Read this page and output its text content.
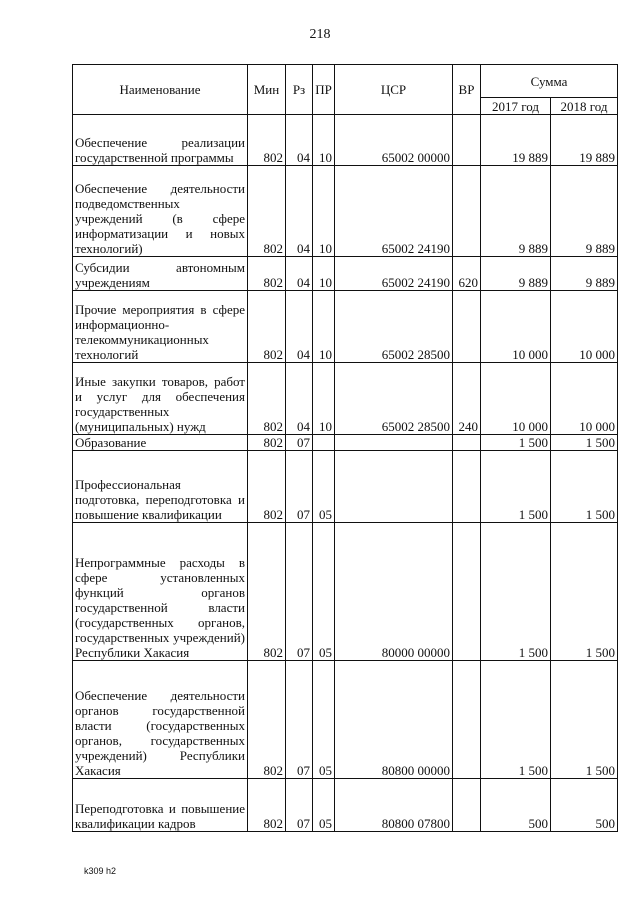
218
Наименование	Мин	Рз	ПР	ЦСР	ВР	Сумма	
						2017 год	2018 год
Обеспечение реализации государственной программы	802	04	10	65002 00000		19 889	19 889
Обеспечение деятельности подведомственных учреждений (в сфере информатизации и новых технологий)	802	04	10	65002 24190		9 889	9 889
Субсидии автономным учреждениям	802	04	10	65002 24190	620	9 889	9 889
Прочие мероприятия в сфере информационно-телекоммуникационных технологий	802	04	10	65002 28500		10 000	10 000
Иные закупки товаров, работ и услуг для обеспечения государственных (муниципальных) нужд	802	04	10	65002 28500	240	10 000	10 000
Образование	802	07				1 500	1 500
Профессиональная подготовка, переподготовка и повышение квалификации	802	07	05			1 500	1 500
Непрограммные расходы в сфере установленных функций органов государственной власти (государственных органов, государственных учреждений) Республики Хакасия	802	07	05	80000 00000		1 500	1 500
Обеспечение деятельности органов государственной власти (государственных органов, государственных учреждений) Республики Хакасия	802	07	05	80800 00000		1 500	1 500
Переподготовка и повышение квалификации кадров	802	07	05	80800 07800		500	500
k309 h2
